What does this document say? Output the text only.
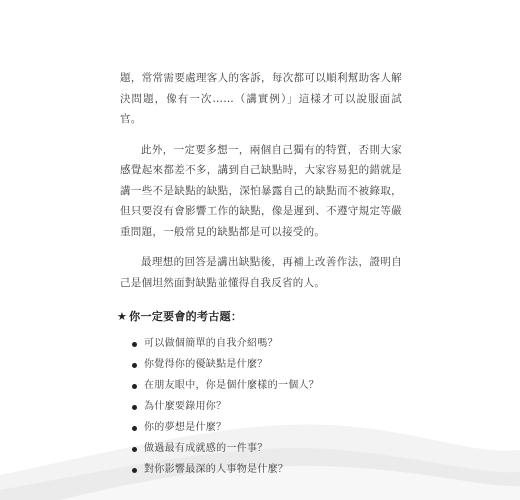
題，常常需要處理客人的客訴，每次都可以順利幫助客人解決問題，像有一次……（講實例）」這樣才可以說服面試官。

此外，一定要多想一，兩個自己獨有的特質，否則大家感覺起來都差不多，講到自己缺點時，大家容易犯的錯就是講一些不是缺點的缺點，深怕暴露自己的缺點而不被錄取，但只要沒有會影響工作的缺點，像是遲到、不遵守規定等嚴重問題，一般常見的缺點都是可以接受的。

最理想的回答是講出缺點後，再補上改善作法，證明自己是個坦然面對缺點並懂得自我反省的人。

★ 你一定要會的考古題：
可以做個簡單的自我介紹嗎？
你覺得你的優缺點是什麼？
在朋友眼中，你是個什麼樣的一個人？
為什麼要錄用你？
你的夢想是什麼？
做過最有成就感的一件事？
對你影響最深的人事物是什麼？
